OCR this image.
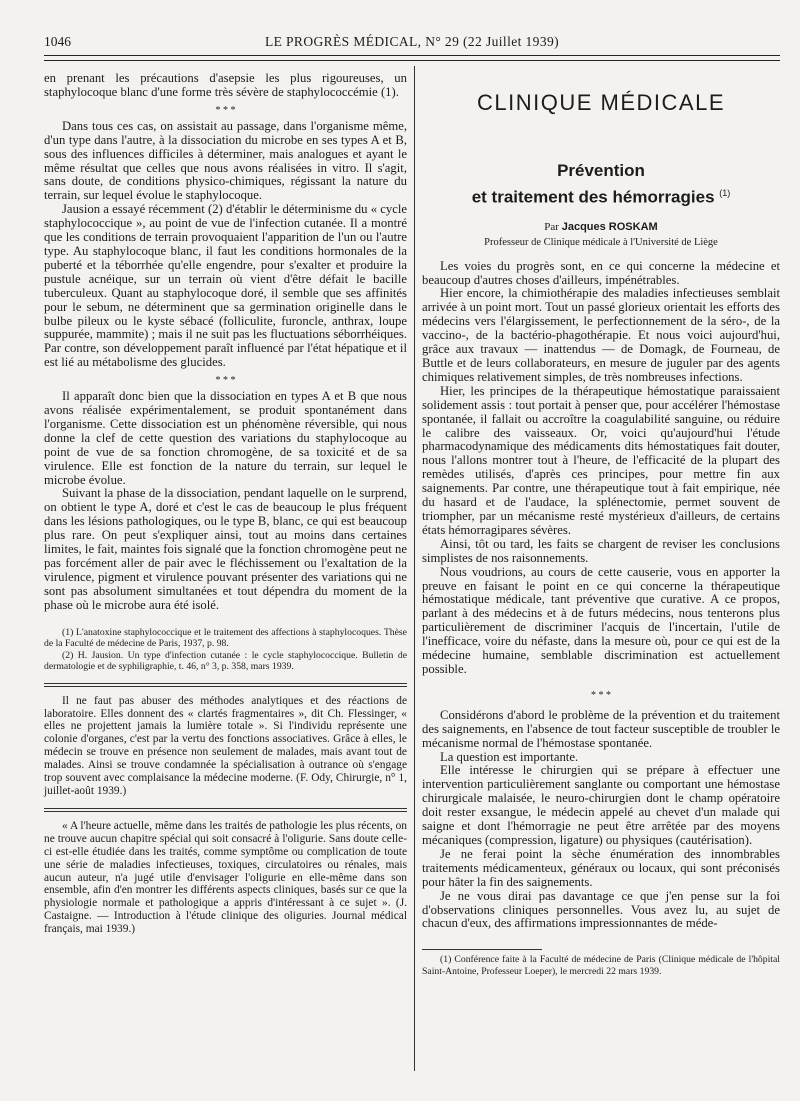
1046	LE PROGRÈS MÉDICAL, N° 29 (22 Juillet 1939)

en prenant les précautions d'asepsie les plus rigoureuses, un staphylocoque blanc d'une forme très sévère de staphylococcémie (1).

* * *

Dans tous ces cas, on assistait au passage, dans l'organisme même, d'un type dans l'autre, à la dissociation du microbe en ses types A et B, sous des influences difficiles à déterminer, mais analogues et ayant le même résultat que celles que nous avons réalisées in vitro. Il s'agit, sans doute, de conditions physico-chimiques, régissant la nature du terrain, sur lequel évolue le staphylocoque.

Jausion a essayé récemment (2) d'établir le déterminisme du « cycle staphylococcique », au point de vue de l'infection cutanée. Il a montré que les conditions de terrain provoquaient l'apparition de l'un ou l'autre type. Au staphylocoque blanc, il faut les conditions hormonales de la puberté et la téborrhée qu'elle engendre, pour s'exalter et produire la pustule acnéique, sur un terrain où vient d'être défait le bacille tuberculeux. Quant au staphylocoque doré, il semble que ses affinités pour le sebum, ne déterminent que sa germination originelle dans le bulbe pileux ou le kyste sébacé (folliculite, furoncle, anthrax, loupe suppurée, mammite) ; mais il ne suit pas les fluctuations séborrhéiques. Par contre, son développement paraît influencé par l'état hépatique et il est lié au métabolisme des glucides.

* * *

Il apparaît donc bien que la dissociation en types A et B que nous avons réalisée expérimentalement, se produit spontanément dans l'organisme. Cette dissociation est un phénomène réversible, qui nous donne la clef de cette question des variations du staphylocoque au point de vue de sa fonction chromogène, de sa toxicité et de sa virulence. Elle est fonction de la nature du terrain, sur lequel le microbe évolue.

Suivant la phase de la dissociation, pendant laquelle on le surprend, on obtient le type A, doré et c'est le cas de beaucoup le plus fréquent dans les lésions pathologiques, ou le type B, blanc, ce qui est beaucoup plus rare. On peut s'expliquer ainsi, tout au moins dans certaines limites, le fait, maintes fois signalé que la fonction chromogène peut ne pas forcément aller de pair avec le fléchissement ou l'exaltation de la virulence, pigment et virulence pouvant présenter des variations qui ne sont pas absolument simultanées et tout dépendra du moment de la phase où le microbe aura été isolé.

(1) L'anatoxine staphylococcique et le traitement des affections à staphylocoques. Thèse de la Faculté de médecine de Paris, 1937, p. 98.

(2) H. Jausion. Un type d'infection cutanée : le cycle staphylococcique. Bulletin de dermatologie et de syphiligraphie, t. 46, n° 3, p. 358, mars 1939.

Il ne faut pas abuser des méthodes analytiques et des réactions de laboratoire. Elles donnent des « clartés fragmentaires », dit Ch. Flessinger, « elles ne projettent jamais la lumière totale ». Si l'individu représente une colonie d'organes, c'est par la vertu des fonctions associatives. Grâce à elles, le médecin se trouve en présence non seulement de malades, mais avant tout de malades. Ainsi se trouve condamnée la spécialisation à outrance où s'engage trop souvent avec complaisance la médecine moderne. (F. Ody, Chirurgie, n° 1, juillet-août 1939.)

« A l'heure actuelle, même dans les traités de pathologie les plus récents, on ne trouve aucun chapitre spécial qui soit consacré à l'oligurie. Sans doute celle-ci est-elle étudiée dans les traités, comme symptôme ou complication de toute une série de maladies infectieuses, toxiques, circulatoires ou rénales, mais aucun auteur, n'a jugé utile d'envisager l'oligurie en elle-même dans son ensemble, afin d'en montrer les différents aspects cliniques, basés sur ce que la physiologie normale et pathologique a appris d'intéressant à ce sujet ». (J. Castaigne. — Introduction à l'étude clinique des oliguries. Journal médical français, mai 1939.)

CLINIQUE MÉDICALE
Prévention
et traitement des hémorragies $^{(1)}$
Par Jacques ROSKAM
Professeur de Clinique médicale à l'Université de Liège

Les voies du progrès sont, en ce qui concerne la médecine et beaucoup d'autres choses d'ailleurs, impénétrables.

Hier encore, la chimiothérapie des maladies infectieuses semblait arrivée à un point mort. Tout un passé glorieux orientait les efforts des médecins vers l'élargissement, le perfectionnement de la séro-, de la vaccino-, de la bactério-phagothérapie. Et nous voici aujourd'hui, grâce aux travaux — inattendus — de Domagk, de Fourneau, de Buttle et de leurs collaborateurs, en mesure de juguler par des agents chimiques relativement simples, de très nombreuses infections.

Hier, les principes de la thérapeutique hémostatique paraissaient solidement assis : tout portait à penser que, pour accélérer l'hémostase spontanée, il fallait ou accroître la coagulabilité sanguine, ou réduire le calibre des vaisseaux. Or, voici qu'aujourd'hui l'étude pharmacodynamique des médicaments dits hémostatiques fait douter, nous l'allons montrer tout à l'heure, de l'efficacité de la plupart des remèdes utilisés, d'après ces principes, pour mettre fin aux saignements. Par contre, une thérapeutique tout à fait empirique, née du hasard et de l'audace, la splénectomie, permet souvent de triompher, par un mécanisme resté mystérieux d'ailleurs, de certains états hémorragipares sévères.

Ainsi, tôt ou tard, les faits se chargent de reviser les conclusions simplistes de nos raisonnements.

Nous voudrions, au cours de cette causerie, vous en apporter la preuve en faisant le point en ce qui concerne la thérapeutique hémostatique médicale, tant préventive que curative. A ce propos, parlant à des médecins et à de futurs médecins, nous tenterons plus particulièrement de discriminer l'acquis de l'incertain, l'utile de l'inefficace, voire du néfaste, dans la mesure où, pour ce qui est de la médecine humaine, semblable discrimination est actuellement possible.

* * *

Considérons d'abord le problème de la prévention et du traitement des saignements, en l'absence de tout facteur susceptible de troubler le mécanisme normal de l'hémostase spontanée.

La question est importante.

Elle intéresse le chirurgien qui se prépare à effectuer une intervention particulièrement sanglante ou comportant une hémostase chirurgicale malaisée, le neuro-chirurgien dont le champ opératoire doit rester exsangue, le médecin appelé au chevet d'un malade qui saigne et dont l'hémorragie ne peut être arrêtée par des moyens mécaniques (compression, ligature) ou physiques (cautérisation).

Je ne ferai point la sèche énumération des innombrables traitements médicamenteux, généraux ou locaux, qui sont préconisés pour hâter la fin des saignements.

Je ne vous dirai pas davantage ce que j'en pense sur la foi d'observations cliniques personnelles. Vous avez lu, au sujet de chacun d'eux, des affirmations impressionnantes de méde-

(1) Conférence faite à la Faculté de médecine de Paris (Clinique médicale de l'hôpital Saint-Antoine, Professeur Loeper), le mercredi 22 mars 1939.
